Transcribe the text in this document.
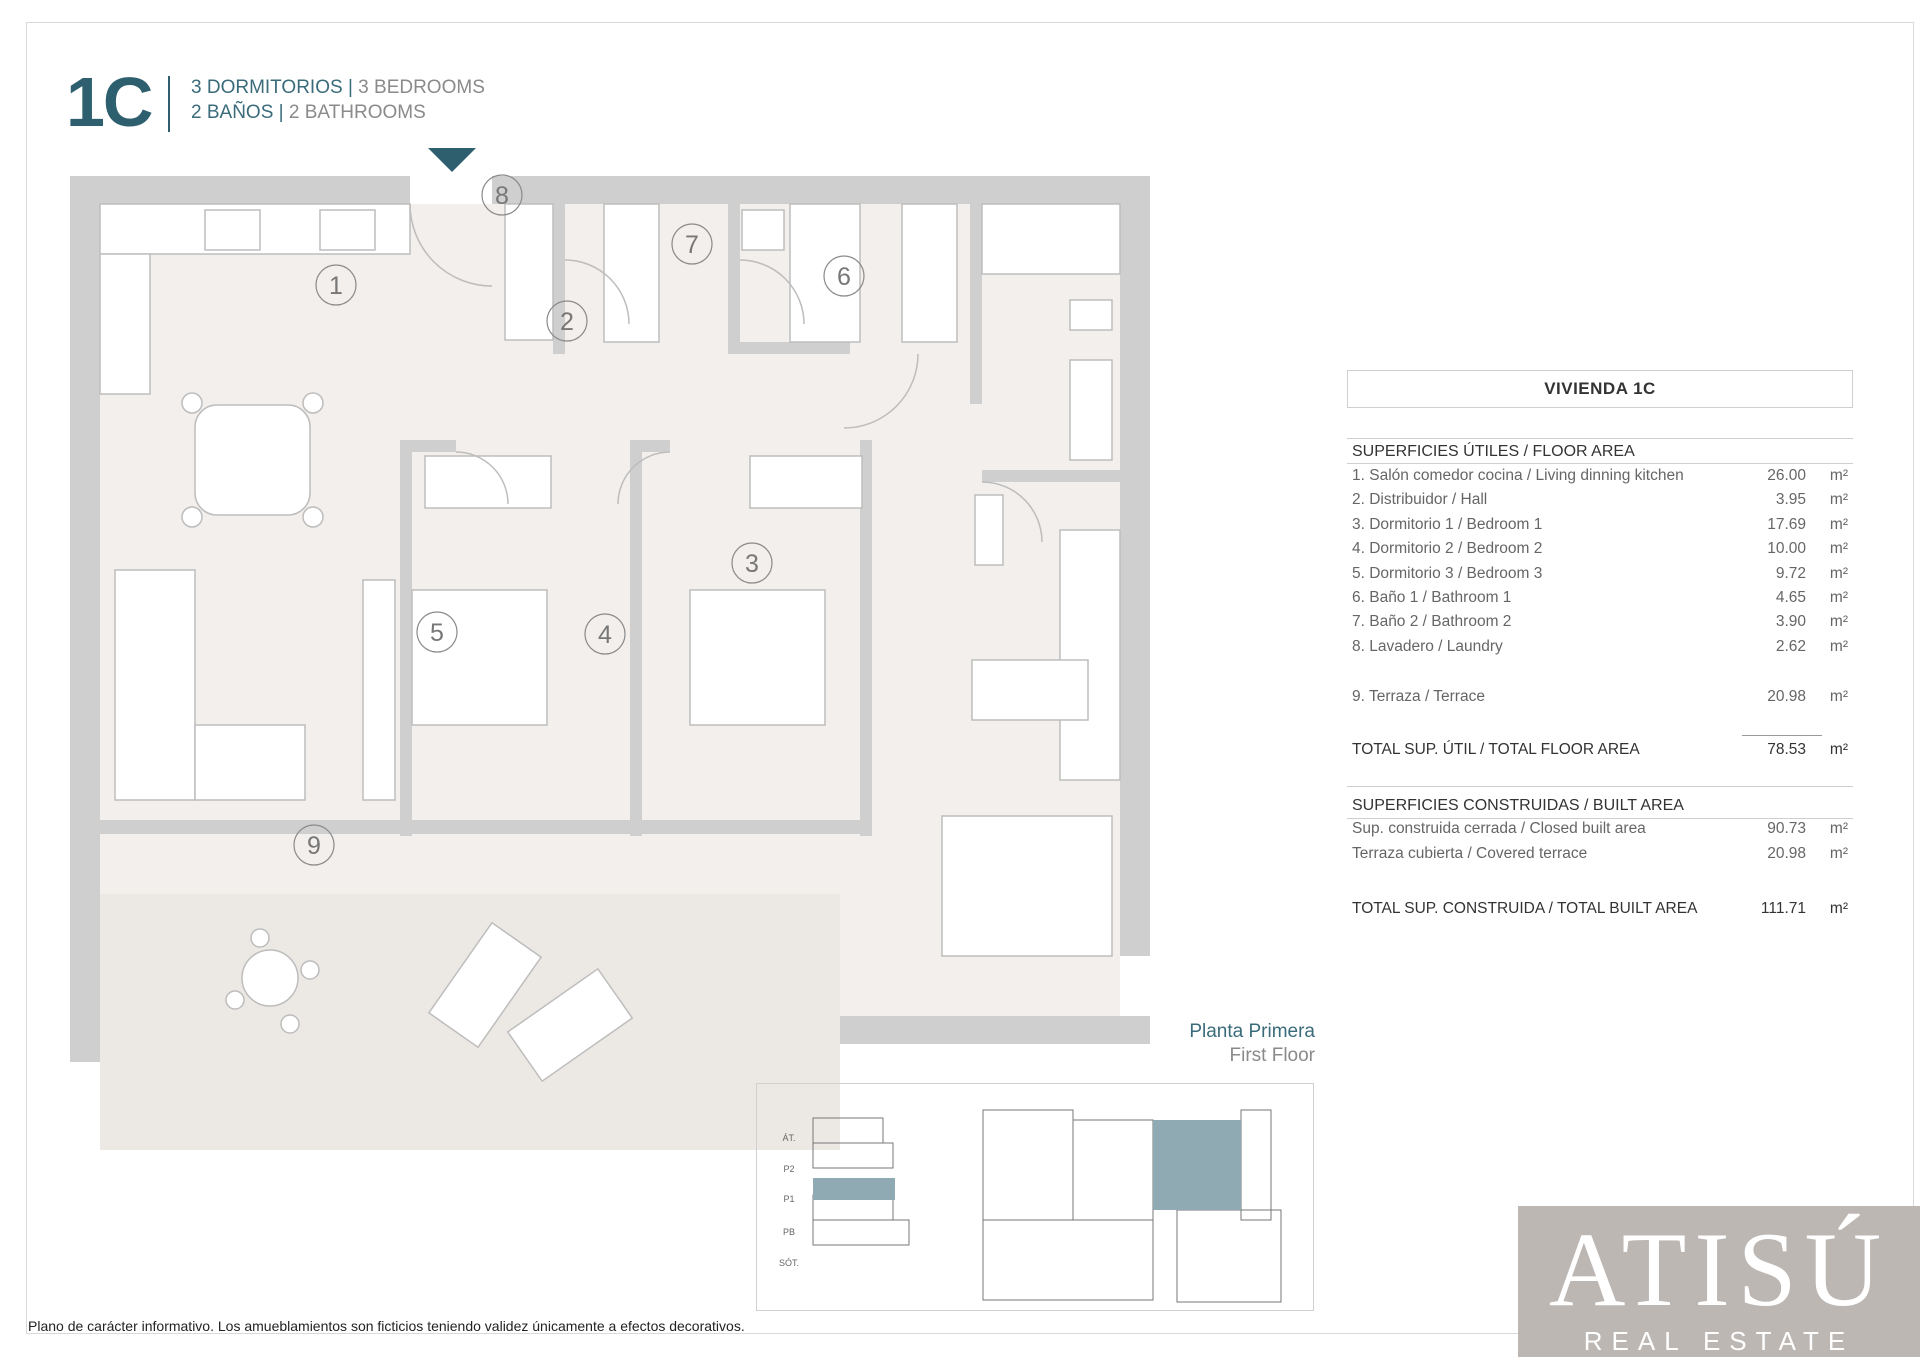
1C 3 DORMITORIOS | 3 BEDROOMS
2 BAÑOS | 2 BATHROOMS
1
2
3
4
5
6
7
8
9
VIVIENDA 1C
SUPERFICIES ÚTILES / FLOOR AREA
1. Salón comedor cocina / Living dinning kitchen	26.00 m²
2. Distribuidor / Hall	3.95 m²
3. Dormitorio 1 / Bedroom 1	17.69 m²
4. Dormitorio 2 / Bedroom 2	10.00 m²
5. Dormitorio 3 / Bedroom 3	9.72 m²
6. Baño 1 / Bathroom 1	4.65 m²
7. Baño 2 / Bathroom 2	3.90 m²
8. Lavadero / Laundry	2.62 m²
9. Terraza / Terrace	20.98 m²
TOTAL SUP. ÚTIL / TOTAL FLOOR AREA	78.53 m²
SUPERFICIES CONSTRUIDAS / BUILT AREA
Sup. construida cerrada / Closed built area	90.73 m²
Terraza cubierta / Covered terrace	20.98 m²
TOTAL SUP. CONSTRUIDA / TOTAL BUILT AREA	111.71 m²
Planta Primera
First Floor
ÁT.
P2
P1
PB
SÓT.
Plano de carácter informativo. Los amueblamientos son ficticios teniendo validez únicamente a efectos decorativos.	ATISÚ
REAL ESTATE
